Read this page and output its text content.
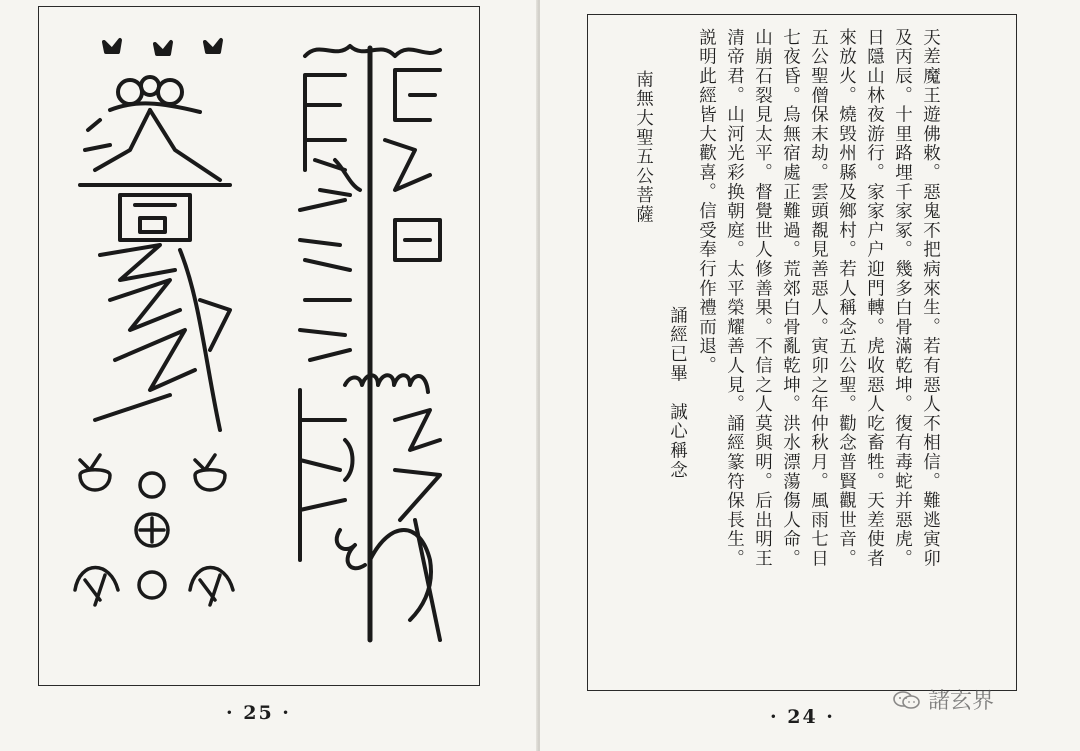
· 25 ·
天差魔王遊佛敕。惡鬼不把病來生。若有惡人不相信。難逃寅卯
及丙辰。十里路埋千家冢。幾多白骨滿乾坤。復有毒蛇并惡虎。
日隱山林夜游行。家家户户迎門轉。虎收惡人吃畜牲。天差使者
來放火。燒毁州縣及鄉村。若人稱念五公聖。勸念普賢觀世音。
五公聖僧保末劫。雲頭覩見善惡人。寅卯之年仲秋月。風雨七日
七夜昏。烏無宿處正難過。荒郊白骨亂乾坤。洪水漂蕩傷人命。
山崩石裂見太平。督覺世人修善果。不信之人莫與明。后出明王
清帝君。山河光彩换朝庭。太平榮耀善人見。誦經篆符保長生。
説明此經皆大歡喜。信受奉行作禮而退。
誦經已畢　誠心稱念
南無大聖五公菩薩
· 24 ·
諸玄界
